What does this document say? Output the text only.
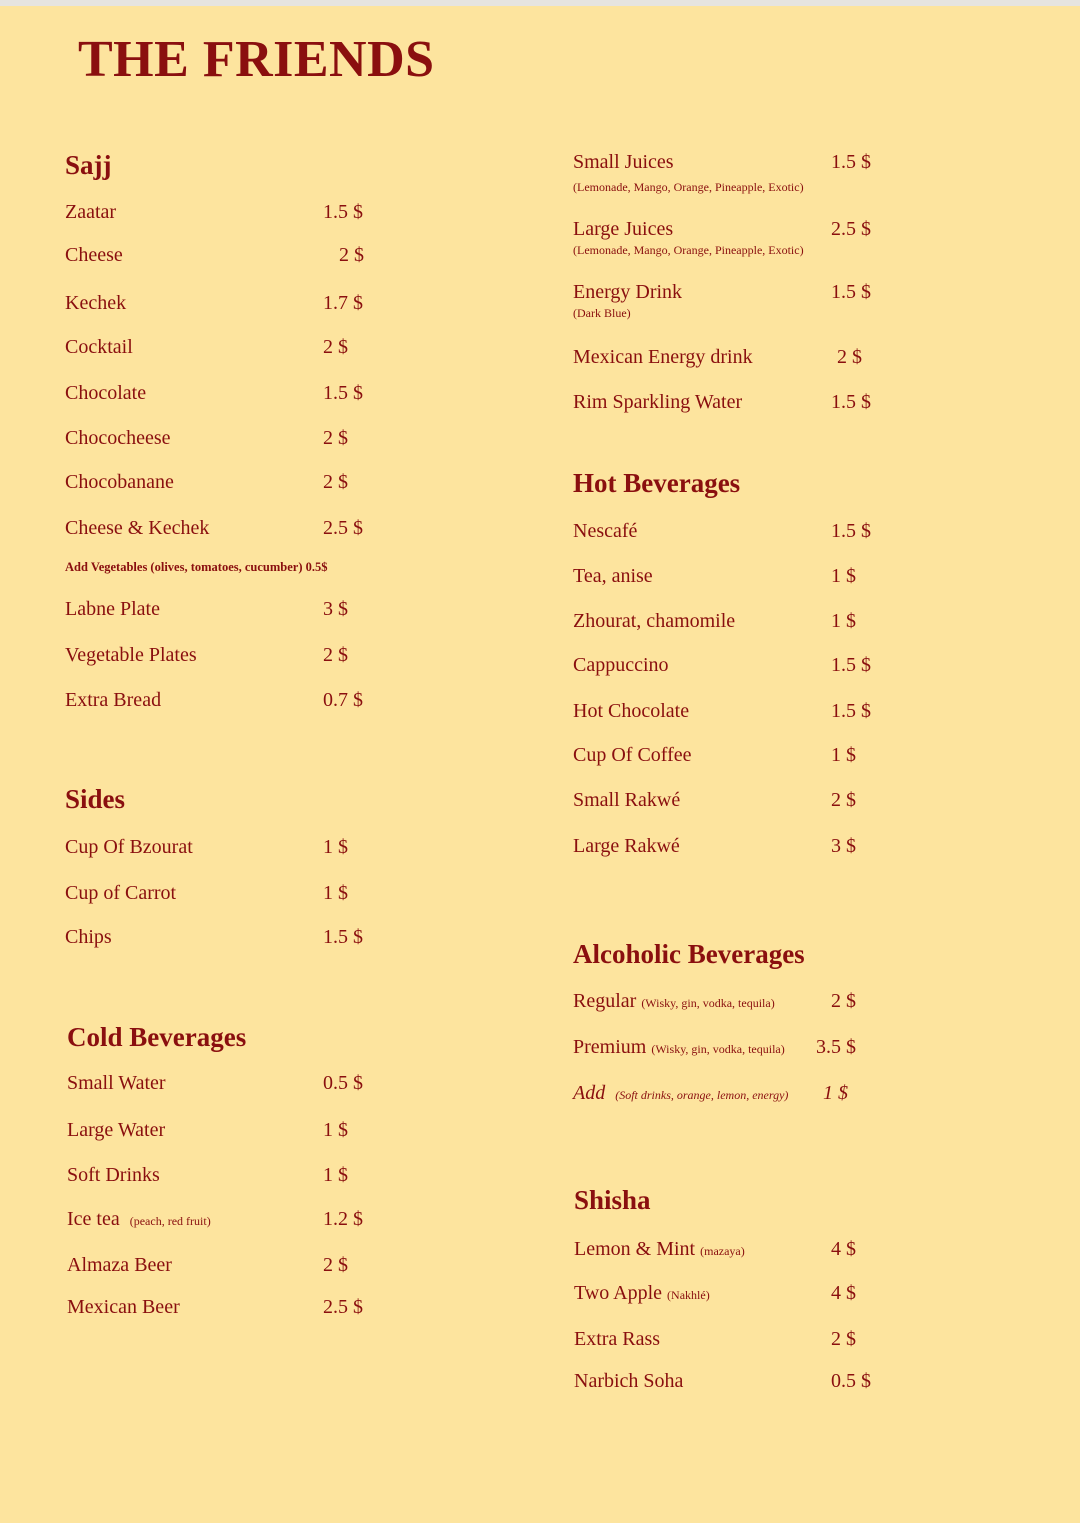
THE FRIENDS
Sajj
Zaatar	1.5 $
Cheese	2 $
Kechek	1.7 $
Cocktail	2 $
Chocolate	1.5 $
Chococheese	2 $
Chocobanane	2 $
Cheese & Kechek	2.5 $
Add Vegetables (olives, tomatoes, cucumber) 0.5$
Labne Plate	3 $
Vegetable Plates	2 $
Extra Bread	0.7 $
Sides
Cup Of Bzourat	1 $
Cup of Carrot	1 $
Chips	1.5 $
Cold Beverages
Small Water	0.5 $
Large Water	1 $
Soft Drinks	1 $
Ice tea (peach, red fruit)	1.2 $
Almaza Beer	2 $
Mexican Beer	2.5 $
Small Juices	1.5 $
(Lemonade, Mango, Orange, Pineapple, Exotic)
Large Juices	2.5 $
(Lemonade, Mango, Orange, Pineapple, Exotic)
Energy Drink	1.5 $
(Dark Blue)
Mexican Energy drink	2 $
Rim Sparkling Water	1.5 $
Hot Beverages
Nescafé	1.5 $
Tea, anise	1 $
Zhourat, chamomile	1 $
Cappuccino	1.5 $
Hot Chocolate	1.5 $
Cup Of Coffee	1 $
Small Rakwé	2 $
Large Rakwé	3 $
Alcoholic Beverages
Regular (Wisky, gin, vodka, tequila)	2 $
Premium (Wisky, gin, vodka, tequila) 3.5 $
Add (Soft drinks, orange, lemon, energy) 1 $
Shisha
Lemon & Mint (mazaya)	4 $
Two Apple (Nakhlé)	4 $
Extra Rass	2 $
Narbich Soha	0.5 $
